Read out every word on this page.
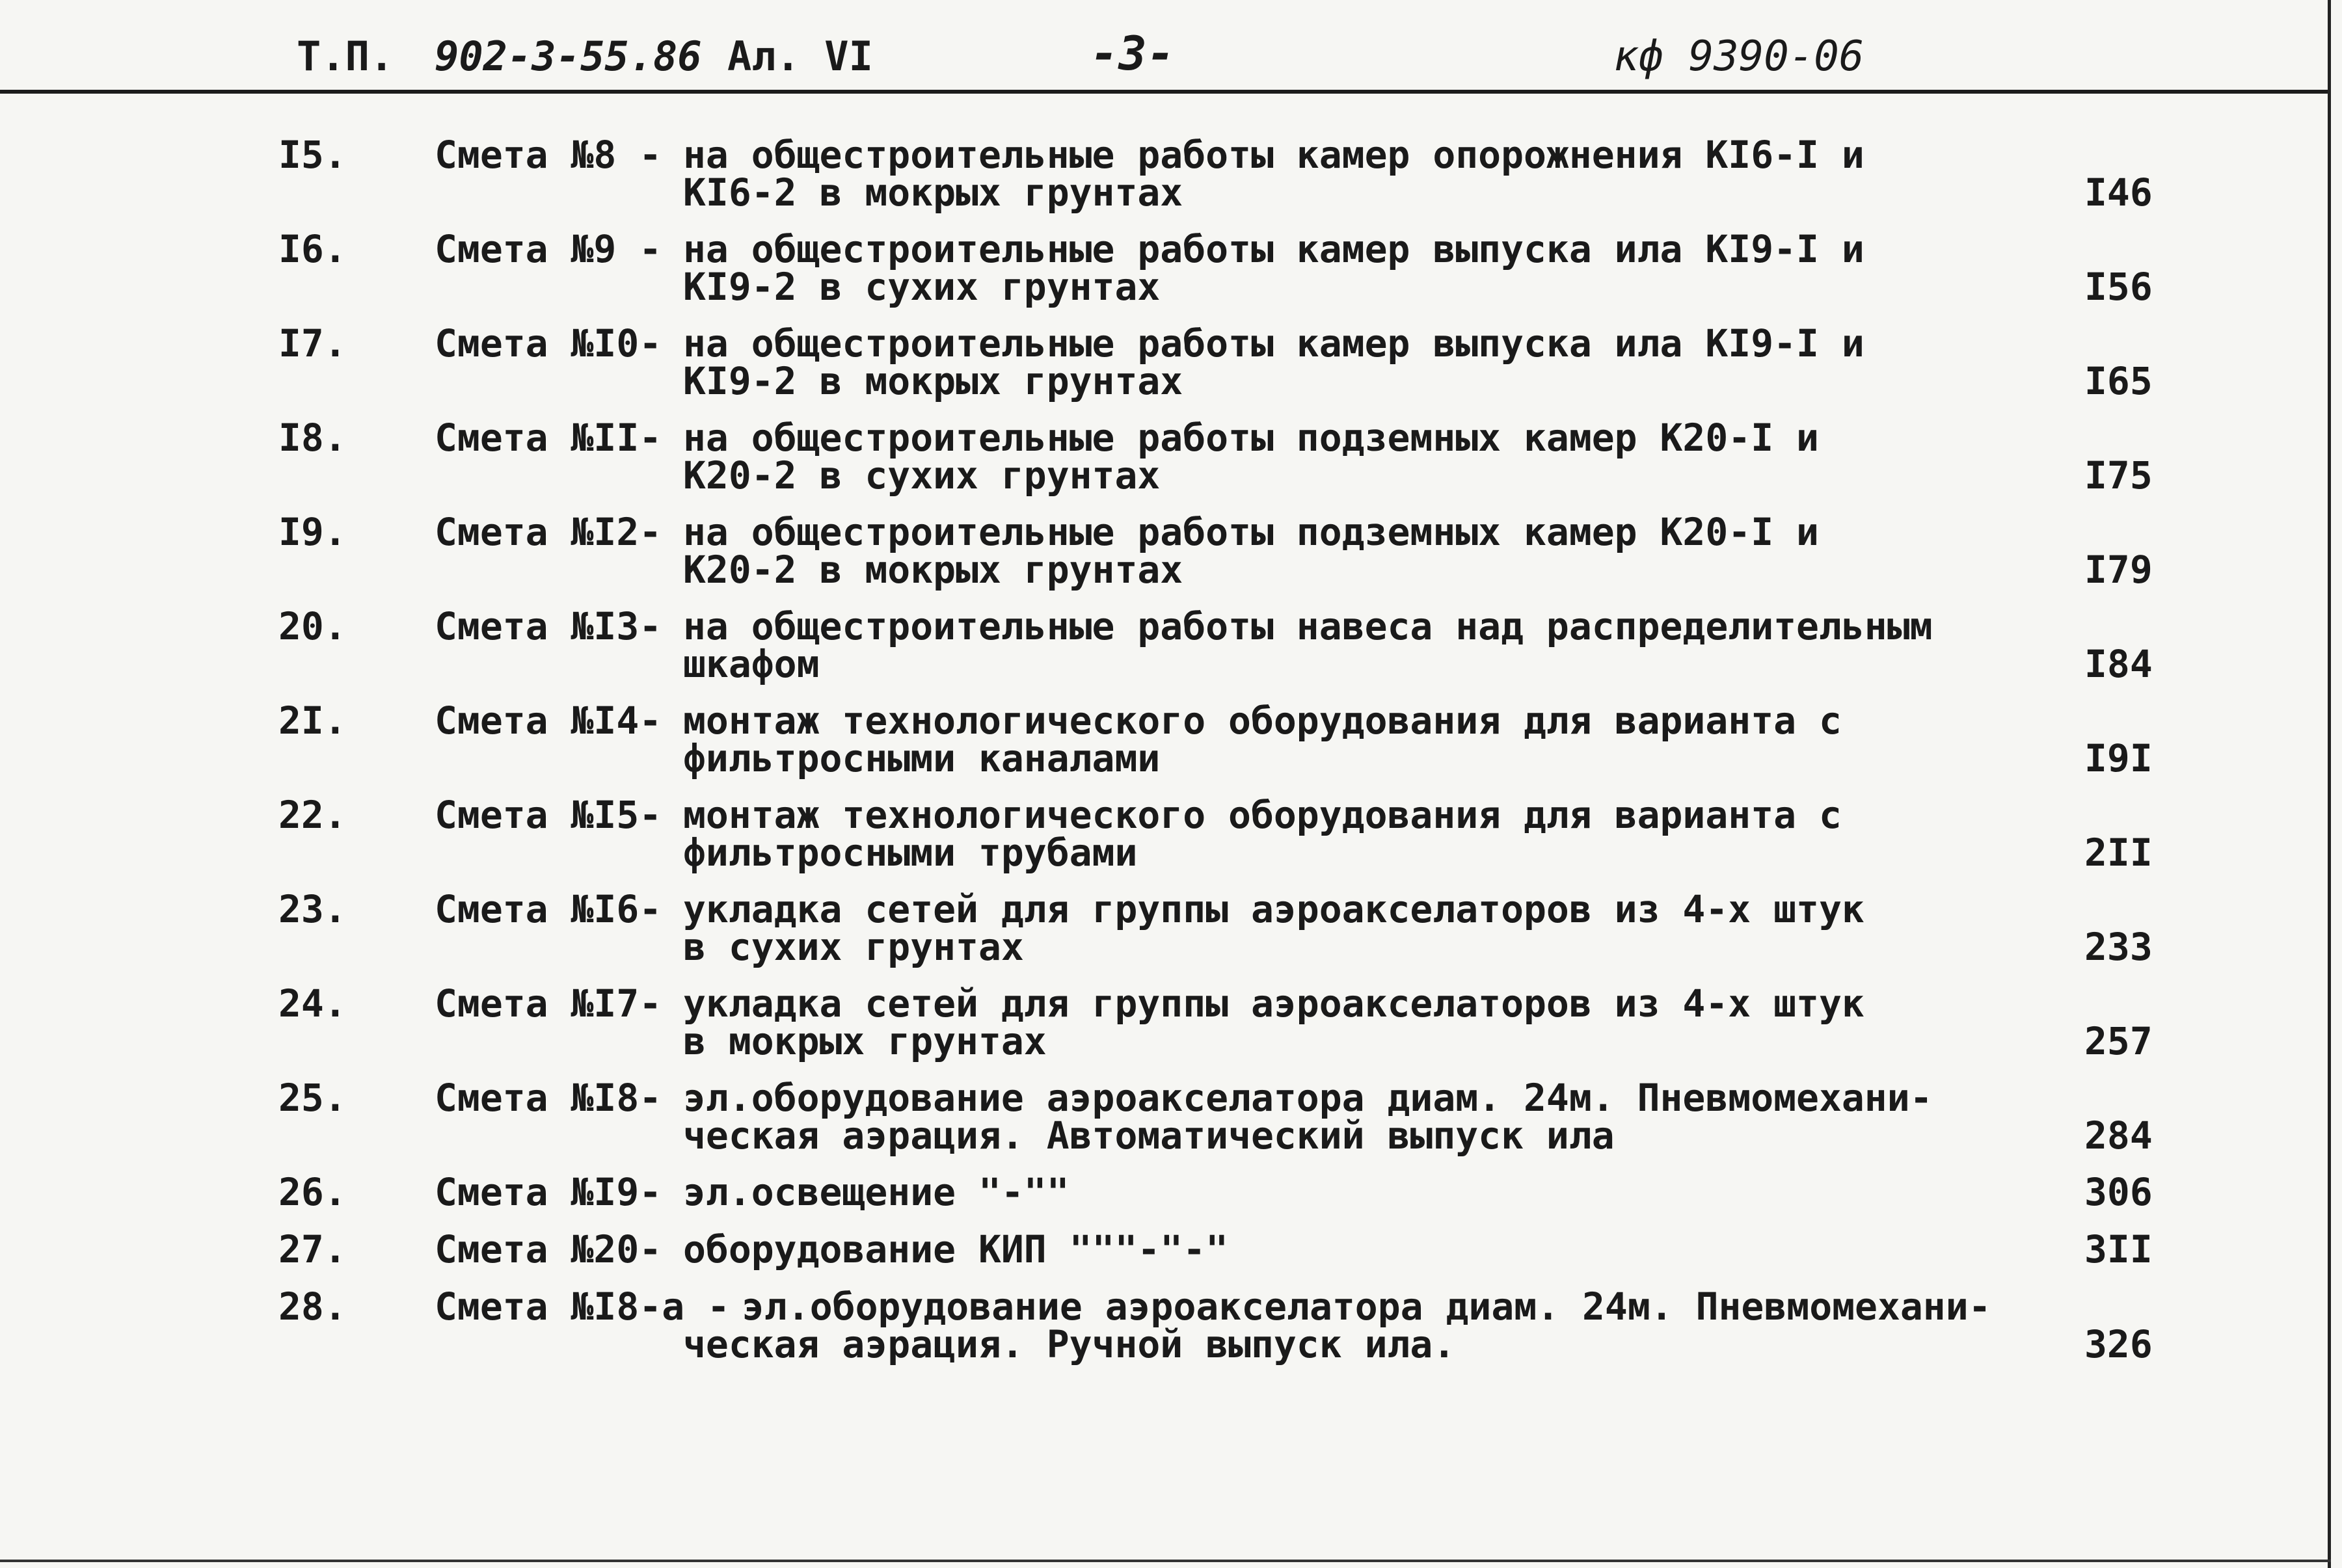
Т.П. 902-3-55.86 Ал. VI	-3-	кф 9390-06
I5. Смета №8 - на общестроительные работы камер опорожнения КI6-I и
КI6-2 в мокрых грунтах	I46
I6. Смета №9 - на общестроительные работы камер выпуска ила КI9-I и
КI9-2 в сухих грунтах	I56
I7. Смета №I0- на общестроительные работы камер выпуска ила КI9-I и
КI9-2 в мокрых грунтах	I65
I8. Смета №II- на общестроительные работы подземных камер К20-I и
К20-2 в сухих грунтах	I75
I9. Смета №I2- на общестроительные работы подземных камер К20-I и
К20-2 в мокрых грунтах	I79
20. Смета №I3- на общестроительные работы навеса над распределительным
шкафом	I84
2I. Смета №I4- монтаж технологического оборудования для варианта с
фильтросными каналами	I9I
22. Смета №I5- монтаж технологического оборудования для варианта с
фильтросными трубами	2II
23. Смета №I6- укладка сетей для группы аэроакселаторов из 4-х штук
в сухих грунтах	233
24. Смета №I7- укладка сетей для группы аэроакселаторов из 4-х штук
в мокрых грунтах	257
25. Смета №I8- эл.оборудование аэроакселатора диам. 24м. Пневмомехани-
ческая аэрация. Автоматический выпуск ила	284
26. Смета №I9- эл.освещение "-""	306
27. Смета №20- оборудование КИП """-"-"	3II
28. Смета №I8-а - эл.оборудование аэроакселатора диам. 24м. Пневмомехани-
ческая аэрация. Ручной выпуск ила.	326
